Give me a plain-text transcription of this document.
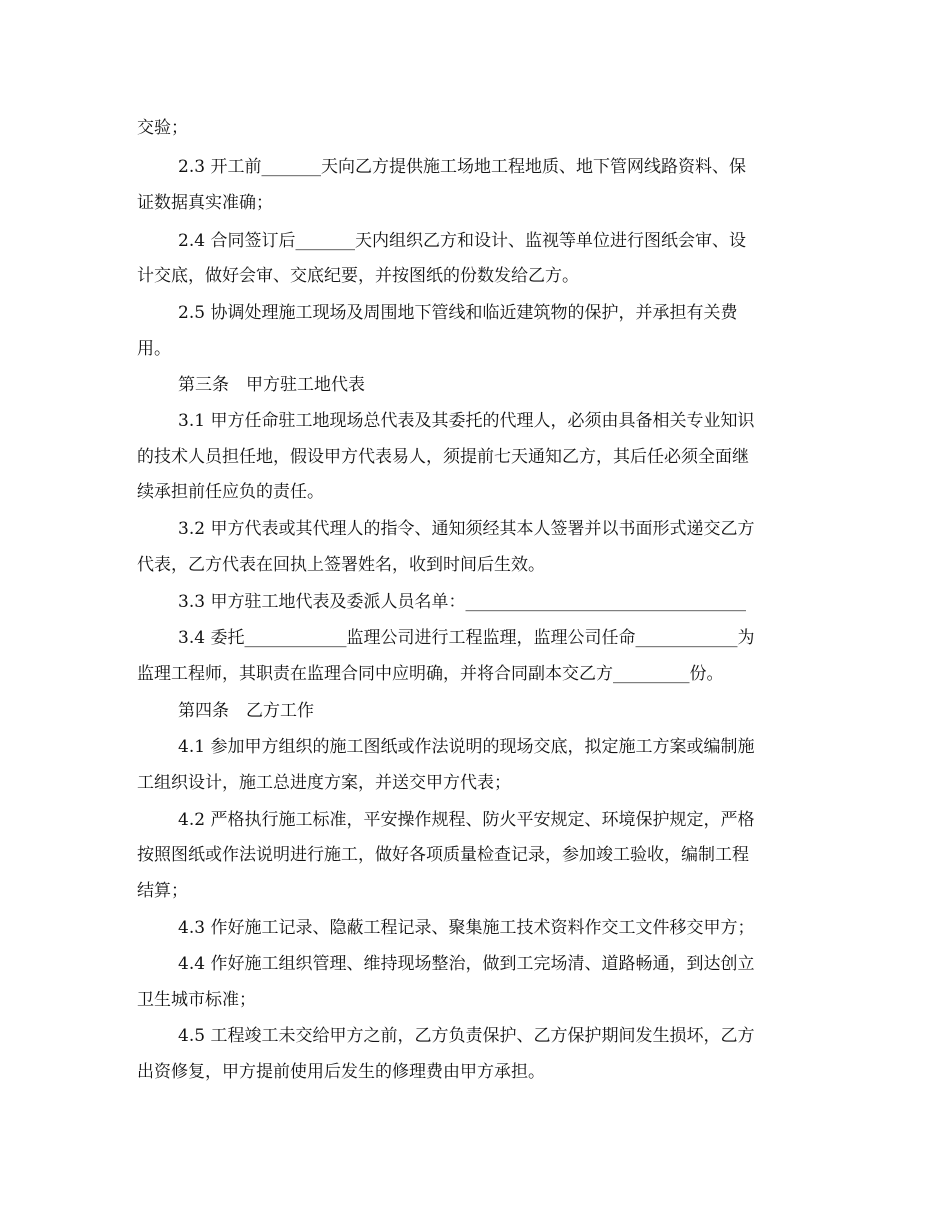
交验；
2.3 开工前_______天向乙方提供施工场地工程地质、地下管网线路资料、保
证数据真实准确；
2.4 合同签订后_______天内组织乙方和设计、监视等单位进行图纸会审、设
计交底，做好会审、交底纪要，并按图纸的份数发给乙方。
2.5 协调处理施工现场及周围地下管线和临近建筑物的保护，并承担有关费
用。
第三条　甲方驻工地代表
3.1 甲方任命驻工地现场总代表及其委托的代理人，必须由具备相关专业知识
的技术人员担任地，假设甲方代表易人，须提前七天通知乙方，其后任必须全面继
续承担前任应负的责任。
3.2 甲方代表或其代理人的指令、通知须经其本人签署并以书面形式递交乙方
代表，乙方代表在回执上签署姓名，收到时间后生效。
3.3 甲方驻工地代表及委派人员名单：_________________________________
3.4 委托____________监理公司进行工程监理，监理公司任命____________为
监理工程师，其职责在监理合同中应明确，并将合同副本交乙方_________份。
第四条　乙方工作
4.1 参加甲方组织的施工图纸或作法说明的现场交底，拟定施工方案或编制施
工组织设计，施工总进度方案，并送交甲方代表；
4.2 严格执行施工标准，平安操作规程、防火平安规定、环境保护规定，严格
按照图纸或作法说明进行施工，做好各项质量检查记录，参加竣工验收，编制工程
结算；
4.3 作好施工记录、隐蔽工程记录、聚集施工技术资料作交工文件移交甲方；
4.4 作好施工组织管理、维持现场整治，做到工完场清、道路畅通，到达创立
卫生城市标准；
4.5 工程竣工未交给甲方之前，乙方负责保护、乙方保护期间发生损坏，乙方
出资修复，甲方提前使用后发生的修理费由甲方承担。
